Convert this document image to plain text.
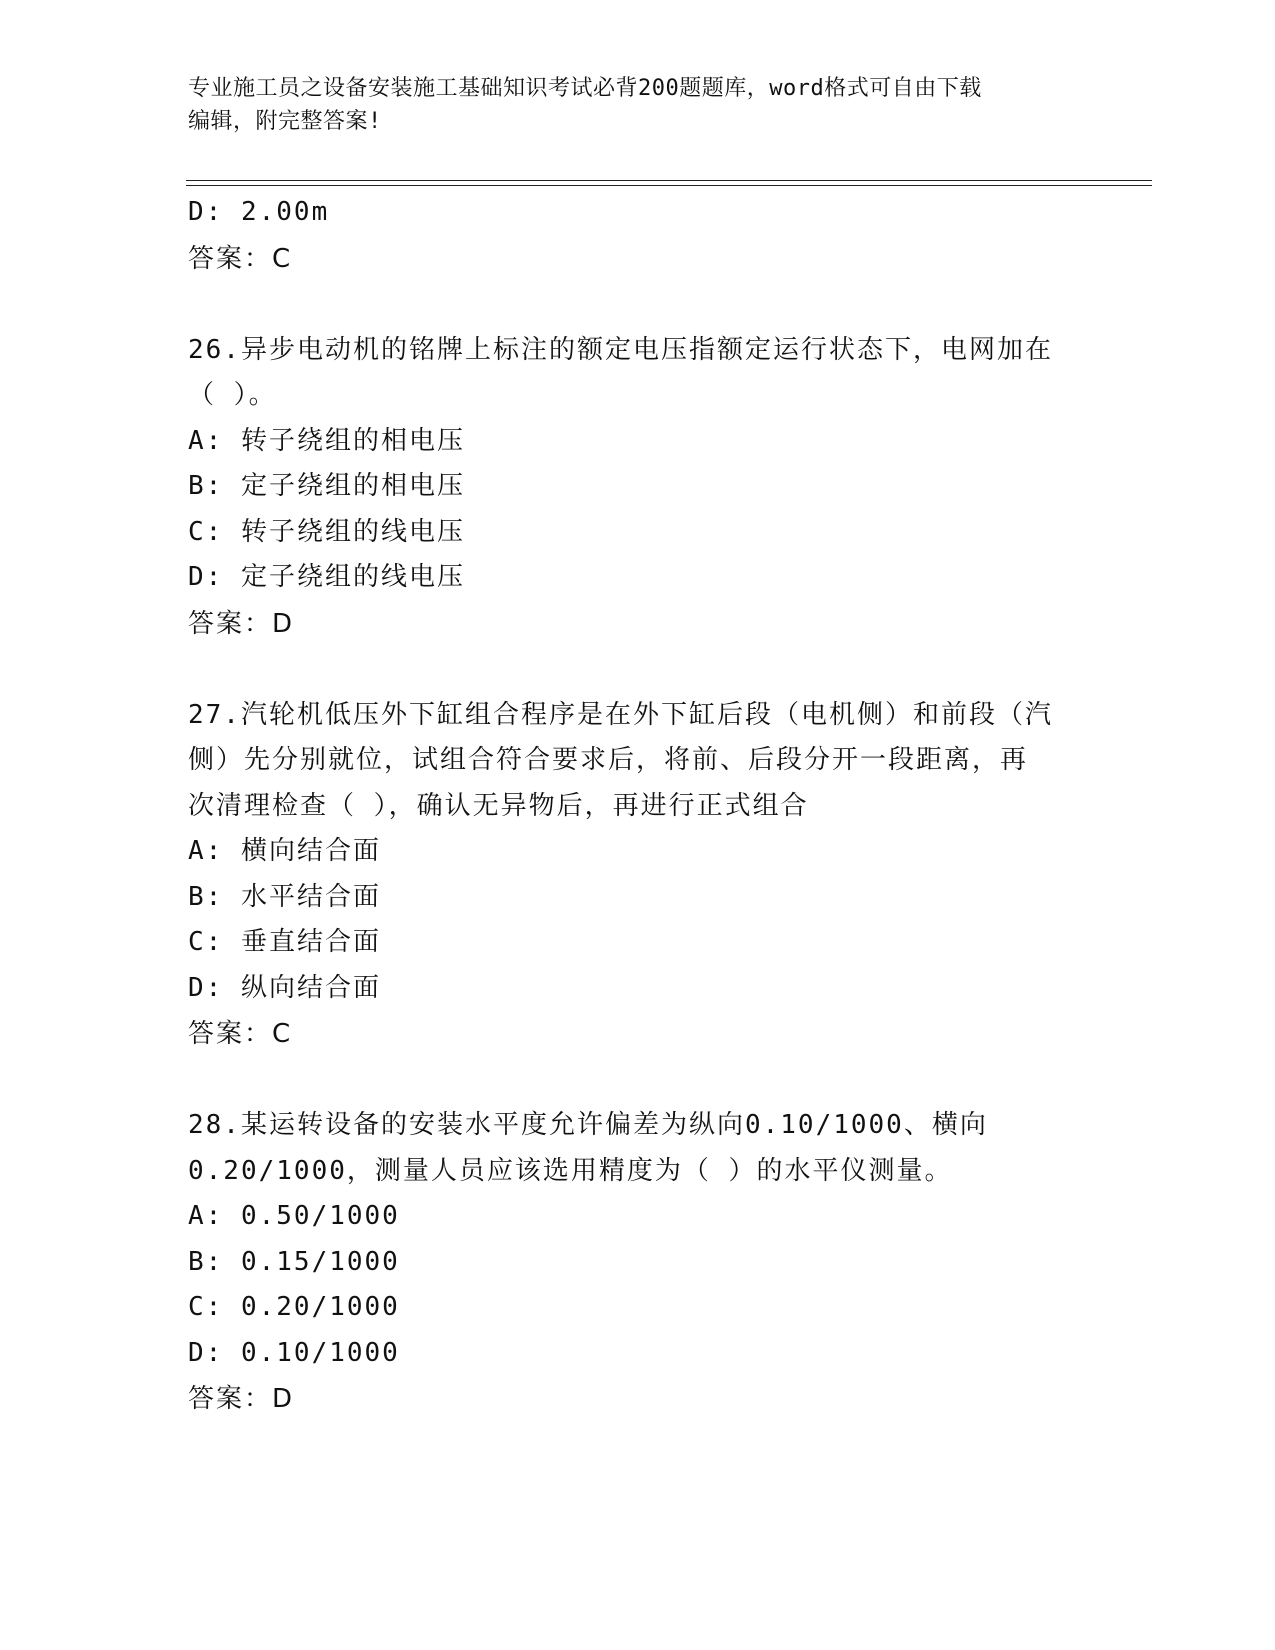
专业施工员之设备安装施工基础知识考试必背200题题库，word格式可自由下载
编辑，附完整答案!
D: 2.00m
答案：C
26.异步电动机的铭牌上标注的额定电压指额定运行状态下，电网加在
（ ）。
A: 转子绕组的相电压
B: 定子绕组的相电压
C: 转子绕组的线电压
D: 定子绕组的线电压
答案：D
27.汽轮机低压外下缸组合程序是在外下缸后段（电机侧）和前段（汽
侧）先分别就位，试组合符合要求后，将前、后段分开一段距离，再
次清理检查（ ），确认无异物后，再进行正式组合
A: 横向结合面
B: 水平结合面
C: 垂直结合面
D: 纵向结合面
答案：C
28.某运转设备的安装水平度允许偏差为纵向0.10/1000、横向
0.20/1000，测量人员应该选用精度为（ ）的水平仪测量。
A: 0.50/1000
B: 0.15/1000
C: 0.20/1000
D: 0.10/1000
答案：D
